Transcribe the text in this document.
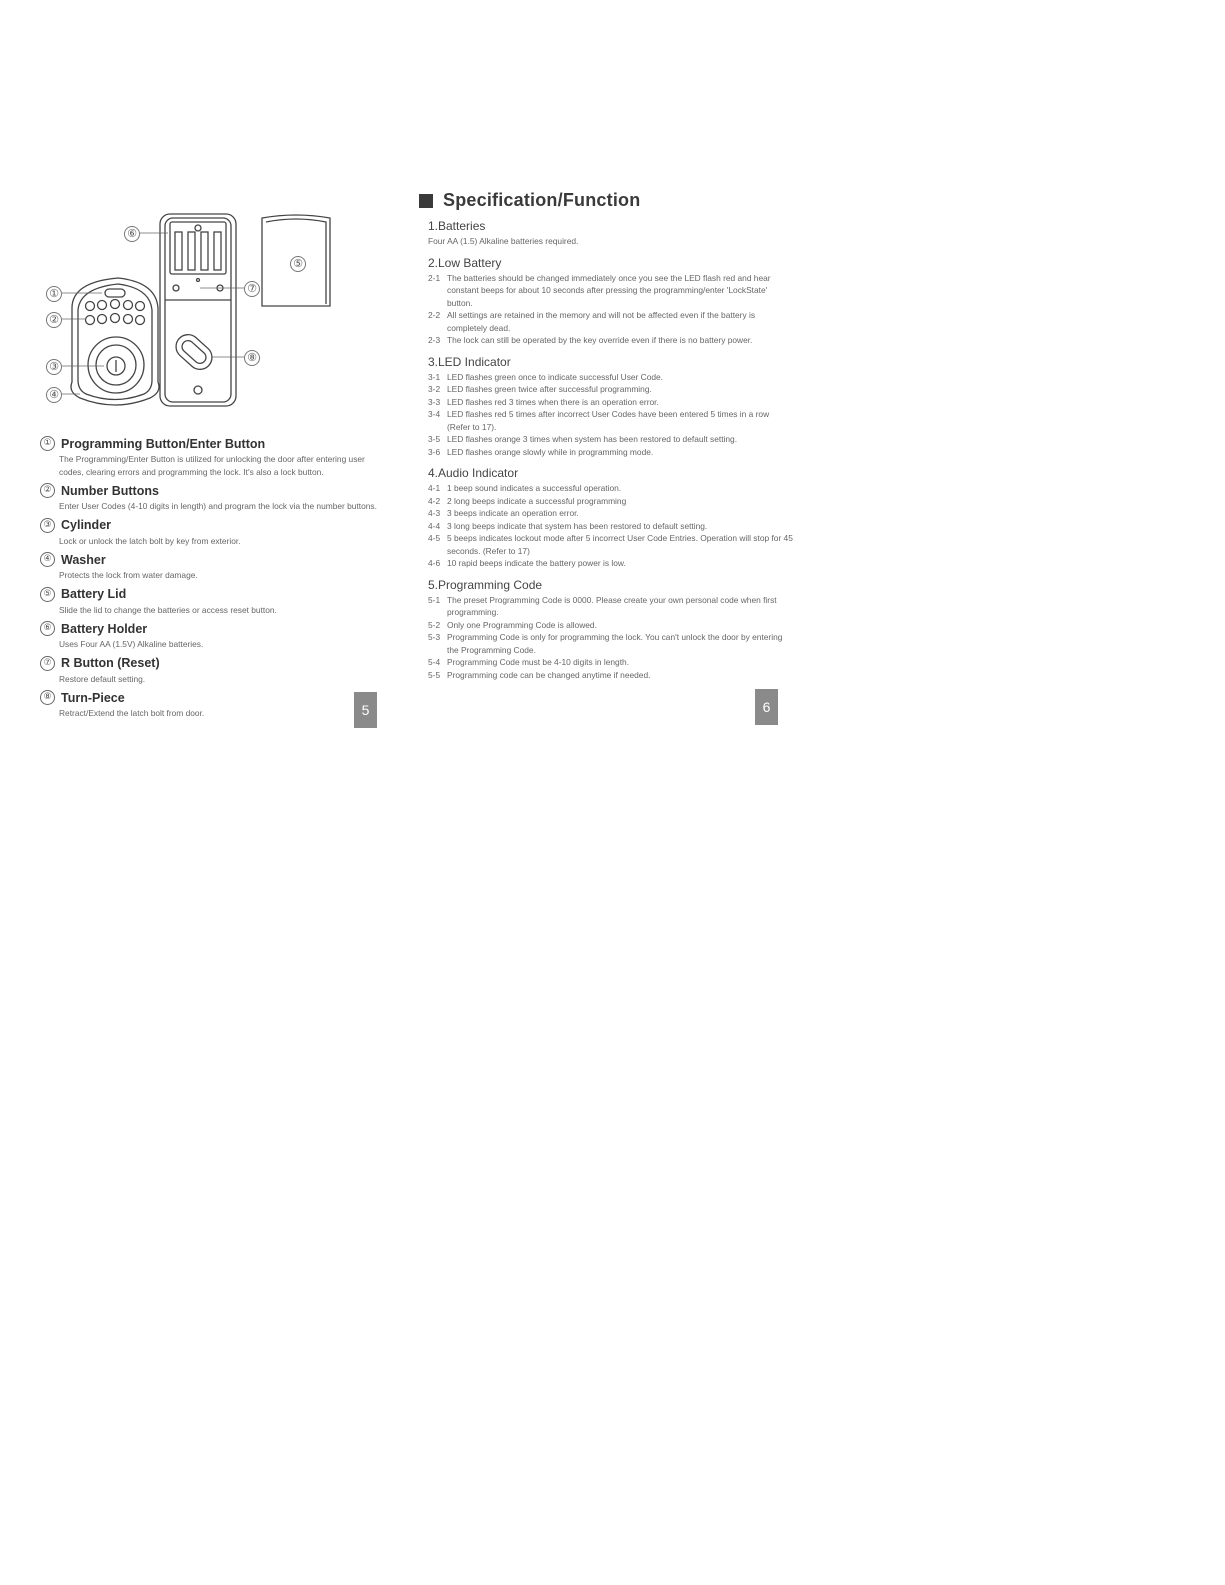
⑥
①
②
③
④
⑤
⑦
⑧
① Programming Button/Enter Button
The Programming/Enter Button is utilized for unlocking the door after entering user codes, clearing errors and programming the lock. It's also a lock button.
② Number Buttons
Enter User Codes (4-10 digits in length) and program the lock via the number buttons.
③ Cylinder
Lock or unlock the latch bolt by key from exterior.
④ Washer
Protects the lock from water damage.
⑤ Battery Lid
Slide the lid to change the batteries or access reset button.
⑥ Battery Holder
Uses Four AA (1.5V) Alkaline batteries.
⑦ R Button (Reset)
Restore default setting.
⑧ Turn-Piece
Retract/Extend the latch bolt from door.	5
Specification/Function
1.Batteries
Four AA (1.5) Alkaline batteries required.
2.Low Battery
2-1 The batteries should be changed immediately once you see the LED flash red and hear constant beeps for about 10 seconds after pressing the programming/enter 'LockState' button.
2-2 All settings are retained in the memory and will not be affected even if the battery is completely dead.
2-3 The lock can still be operated by the key override even if there is no battery power.
3.LED Indicator
3-1 LED flashes green once to indicate successful User Code.
3-2 LED flashes green twice after successful programming.
3-3 LED flashes red 3 times when there is an operation error.
3-4 LED flashes red 5 times after incorrect User Codes have been entered 5 times in a row (Refer to 17).
3-5 LED flashes orange 3 times when system has been restored to default setting.
3-6 LED flashes orange slowly while in programming mode.
4.Audio Indicator
4-1 1 beep sound indicates a successful operation.
4-2 2 long beeps indicate a successful programming
4-3 3 beeps indicate an operation error.
4-4 3 long beeps indicate that system has been restored to default setting.
4-5 5 beeps indicates lockout mode after 5 incorrect User Code Entries. Operation will stop for 45 seconds. (Refer to 17)
4-6 10 rapid beeps indicate the battery power is low.
5.Programming Code
5-1 The preset Programming Code is 0000. Please create your own personal code when first programming.
5-2 Only one Programming Code is allowed.
5-3 Programming Code is only for programming the lock. You can't unlock the door by entering the Programming Code.
5-4 Programming Code must be 4-10 digits in length.
5-5 Programming code can be changed anytime if needed.
6
